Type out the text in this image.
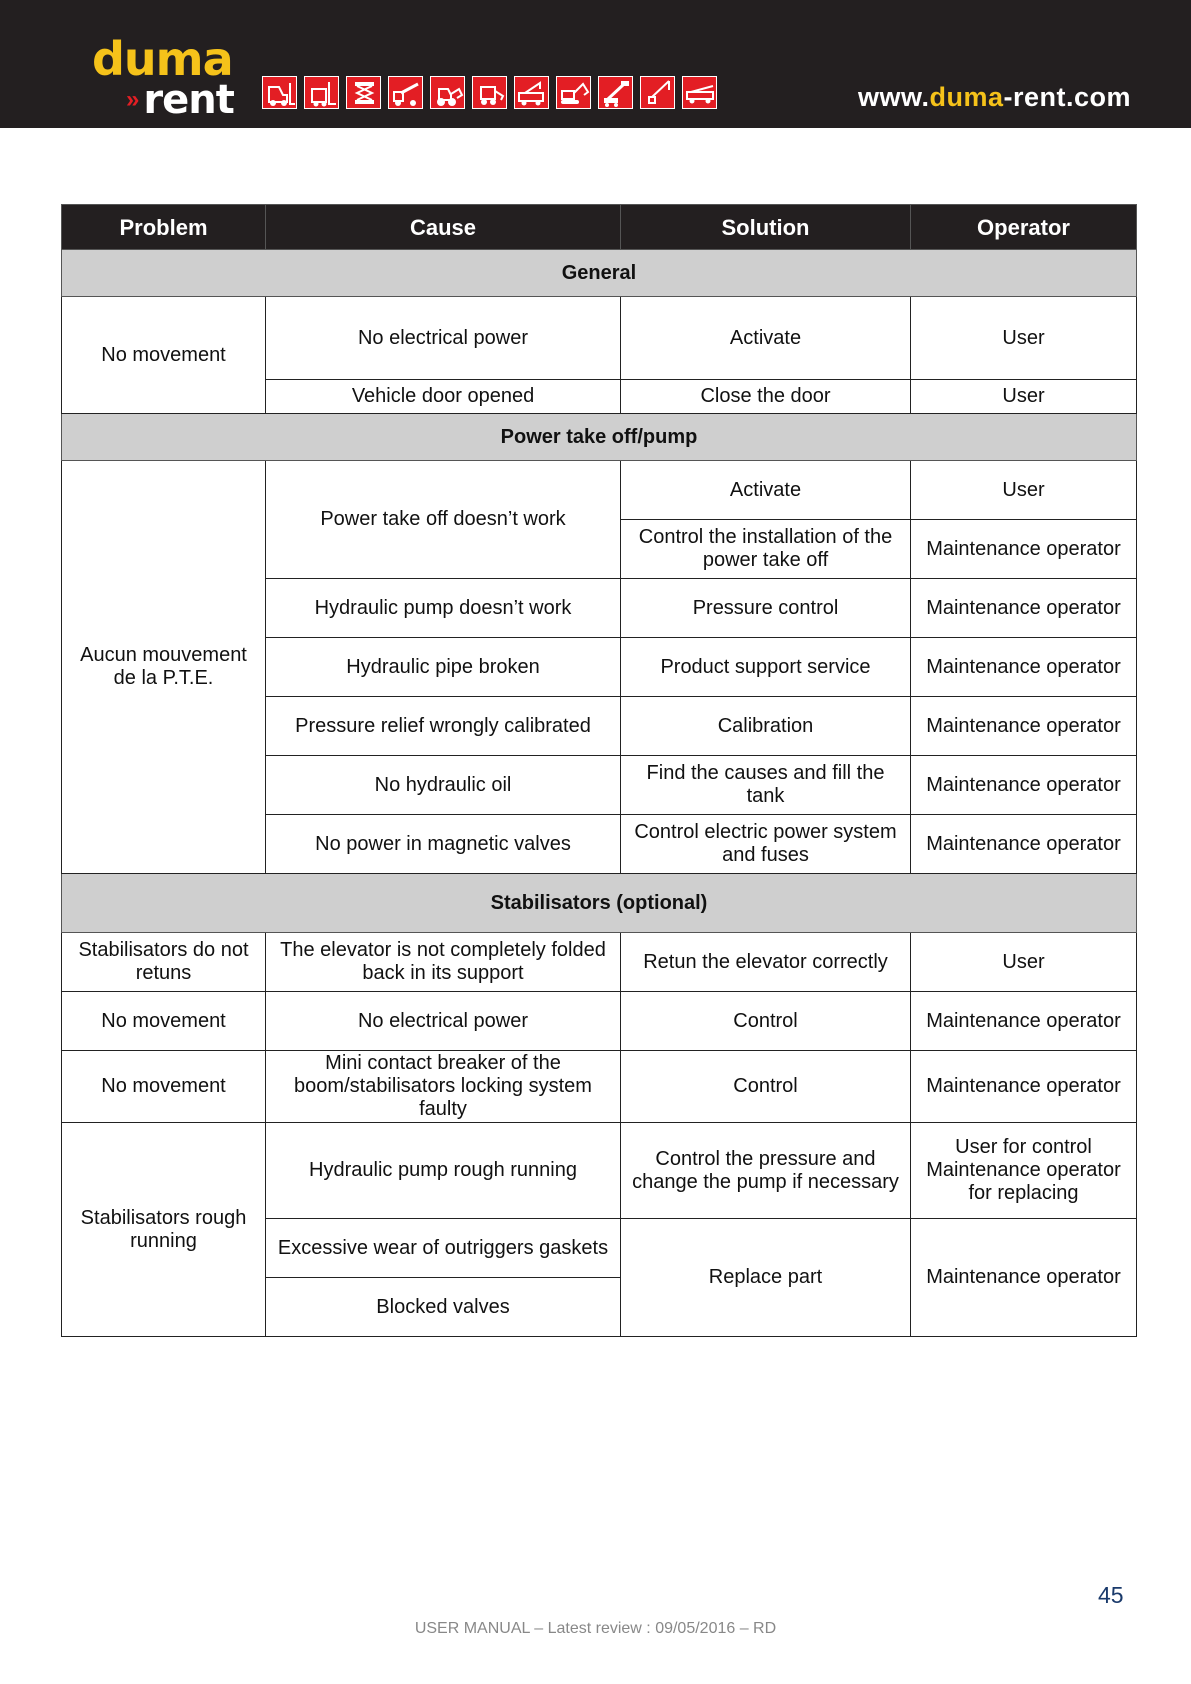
duma
» rent	www.duma-rent.com
Problem	Cause	Solution	Operator
General			
No movement	No electrical power	Activate	User
	Vehicle door opened	Close the door	User
Power take off/pump			
Aucun mouvement de la P.T.E.	Power take off doesn’t work	Activate	User
		Control the installation of the power take off	Maintenance operator
	Hydraulic pump doesn’t work	Pressure control	Maintenance operator
	Hydraulic pipe broken	Product support service	Maintenance operator
	Pressure relief wrongly calibrated	Calibration	Maintenance operator
	No hydraulic oil	Find the causes and fill the tank	Maintenance operator
	No power in magnetic valves	Control electric power system and fuses	Maintenance operator
Stabilisators (optional)			
Stabilisators do not retuns	The elevator is not completely folded back in its support	Retun the elevator correctly	User
No movement	No electrical power	Control	Maintenance operator
No movement	Mini contact breaker of the boom/stabilisators locking system faulty	Control	Maintenance operator
Stabilisators rough running	Hydraulic pump rough running	Control the pressure and change the pump if necessary	User for control Maintenance operator for replacing
	Excessive wear of outriggers gaskets	Replace part	Maintenance operator
	Blocked valves		
45
USER MANUAL – Latest review : 09/05/2016 – RD
